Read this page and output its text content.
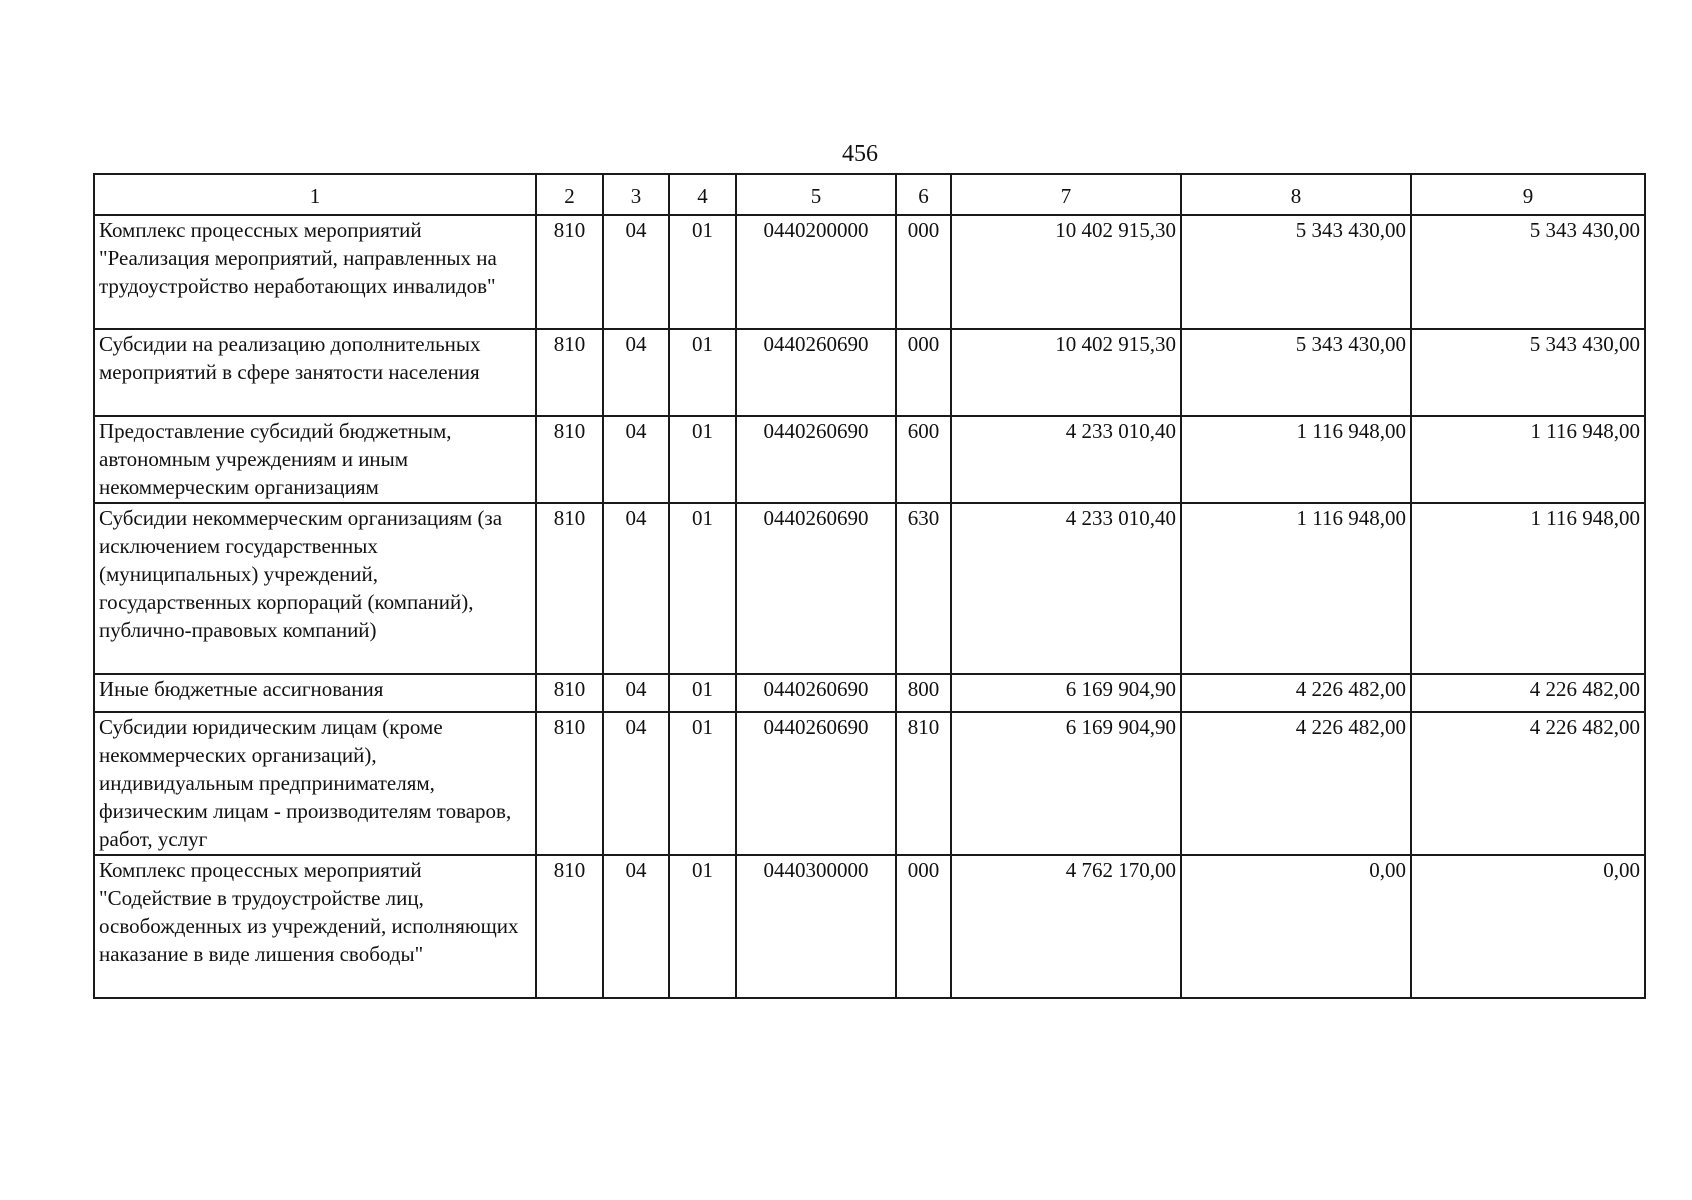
456
1	2	3	4	5	6	7	8	9
Комплекс процессных мероприятий "Реализация мероприятий, направленных на трудоустройство неработающих инвалидов"	810	04	01	0440200000	000	10 402 915,30	5 343 430,00	5 343 430,00
Субсидии на реализацию дополнительных мероприятий в сфере занятости населения	810	04	01	0440260690	000	10 402 915,30	5 343 430,00	5 343 430,00
Предоставление субсидий бюджетным, автономным учреждениям и иным некоммерческим организациям	810	04	01	0440260690	600	4 233 010,40	1 116 948,00	1 116 948,00
Субсидии некоммерческим организациям (за исключением государственных (муниципальных) учреждений, государственных корпораций (компаний), публично-правовых компаний)	810	04	01	0440260690	630	4 233 010,40	1 116 948,00	1 116 948,00
Иные бюджетные ассигнования	810	04	01	0440260690	800	6 169 904,90	4 226 482,00	4 226 482,00
Субсидии юридическим лицам (кроме некоммерческих организаций), индивидуальным предпринимателям, физическим лицам - производителям товаров, работ, услуг	810	04	01	0440260690	810	6 169 904,90	4 226 482,00	4 226 482,00
Комплекс процессных мероприятий "Содействие в трудоустройстве лиц, освобожденных из учреждений, исполняющих наказание в виде лишения свободы"	810	04	01	0440300000	000	4 762 170,00	0,00	0,00
